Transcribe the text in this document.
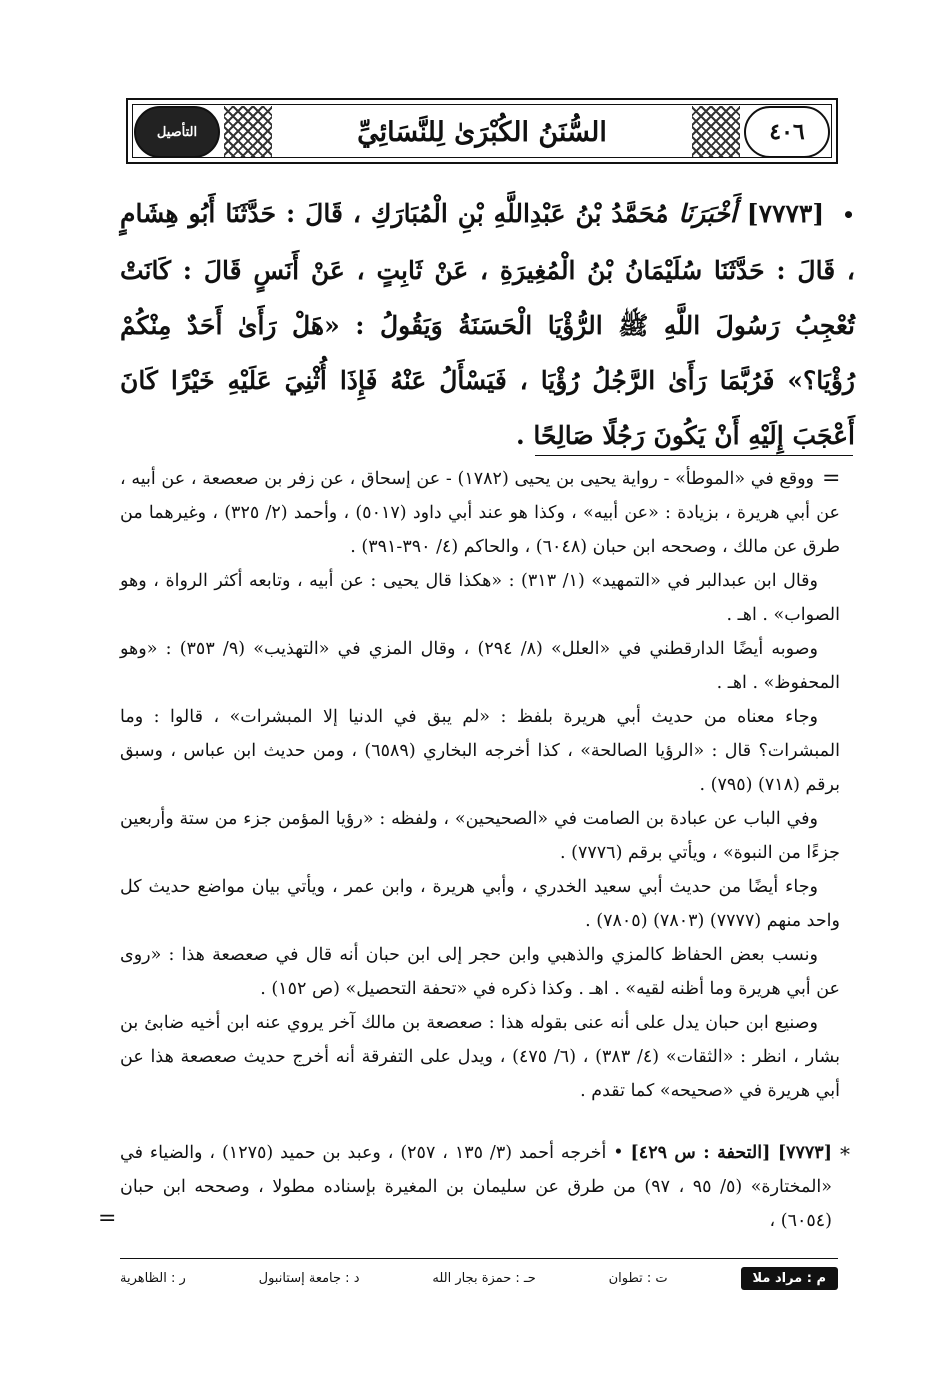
التأصيل	السُّنَنُ الكُبْرَىٰ لِلنَّسَائِيِّ	٤٠٦
• [٧٧٧٣] أَخْبَرَنَا مُحَمَّدُ بْنُ عَبْدِاللَّهِ بْنِ الْمُبَارَكِ ، قَالَ : حَدَّثَنَا أَبُو هِشَامٍ ، قَالَ : حَدَّثَنَا سُلَيْمَانُ بْنُ الْمُغِيرَةِ ، عَنْ ثَابِتٍ ، عَنْ أَنَسٍ قَالَ : كَانَتْ تُعْجِبُ رَسُولَ اللَّهِ ﷺ الرُّؤْيَا الْحَسَنَةُ وَيَقُولُ : «هَلْ رَأَىٰ أَحَدٌ مِنْكُمْ رُؤْيَا؟» فَرُبَّمَا رَأَىٰ الرَّجُلُ رُؤْيَا ، فَيَسْأَلُ عَنْهُ فَإِذَا أُثْنِيَ عَلَيْهِ خَيْرًا كَانَ أَعْجَبَ إِلَيْهِ أَنْ يَكُونَ رَجُلًا صَالِحًا .
=

ووقع في «الموطأ» - رواية يحيى بن يحيى (١٧٨٢) - عن إسحاق ، عن زفر بن صعصعة ، عن أبيه ، عن أبي هريرة ، بزيادة : «عن أبيه» ، وكذا هو عند أبي داود (٥٠١٧) ، وأحمد (٢/ ٣٢٥) ، وغيرهما من طرق عن مالك ، وصححه ابن حبان (٦٠٤٨) ، والحاكم (٤/ ٣٩٠-٣٩١) .

وقال ابن عبدالبر في «التمهيد» (١/ ٣١٣) : «هكذا قال يحيى : عن أبيه ، وتابعه أكثر الرواة ، وهو الصواب» . اهـ .

وصوبه أيضًا الدارقطني في «العلل» (٨/ ٢٩٤) ، وقال المزي في «التهذيب» (٩/ ٣٥٣) : «وهو المحفوظ» . اهـ .

وجاء معناه من حديث أبي هريرة بلفظ : «لم يبق في الدنيا إلا المبشرات» ، قالوا : وما المبشرات؟ قال : «الرؤيا الصالحة» ، كذا أخرجه البخاري (٦٥٨٩) ، ومن حديث ابن عباس ، وسبق برقم (٧١٨) (٧٩٥) .

وفي الباب عن عبادة بن الصامت في «الصحيحين» ، ولفظه : «رؤيا المؤمن جزء من ستة وأربعين جزءًا من النبوة» ، ويأتي برقم (٧٧٧٦) .

وجاء أيضًا من حديث أبي سعيد الخدري ، وأبي هريرة ، وابن عمر ، ويأتي بيان مواضع حديث كل واحد منهم (٧٧٧٧) (٧٨٠٣) (٧٨٠٥) .

ونسب بعض الحفاظ كالمزي والذهبي وابن حجر إلى ابن حبان أنه قال في صعصعة هذا : «روى عن أبي هريرة وما أظنه لقيه» . اهـ . وكذا ذكره في «تحفة التحصيل» (ص ١٥٢) .

وصنيع ابن حبان يدل على أنه عنى بقوله هذا : صعصعة بن مالك آخر يروي عنه ابن أخيه ضابئ بن بشار ، انظر : «الثقات» (٤/ ٣٨٣) ، (٦/ ٤٧٥) ، ويدل على التفرقة أنه أخرج حديث صعصعة هذا عن أبي هريرة في «صحيحه» كما تقدم .

*
[٧٧٧٣] [التحفة : س ٤٢٩] • أخرجه أحمد (٣/ ١٣٥ ، ٢٥٧) ، وعبد بن حميد (١٢٧٥) ، والضياء في «المختارة» (٥/ ٩٥ ، ٩٧) من طرق عن سليمان بن المغيرة بإسناده مطولا ، وصححه ابن حبان (٦٠٥٤) ،
=
م : مراد ملا
ت : تطوان
حـ : حمزة بجار الله
د : جامعة إستانبول
ر : الظاهرية
